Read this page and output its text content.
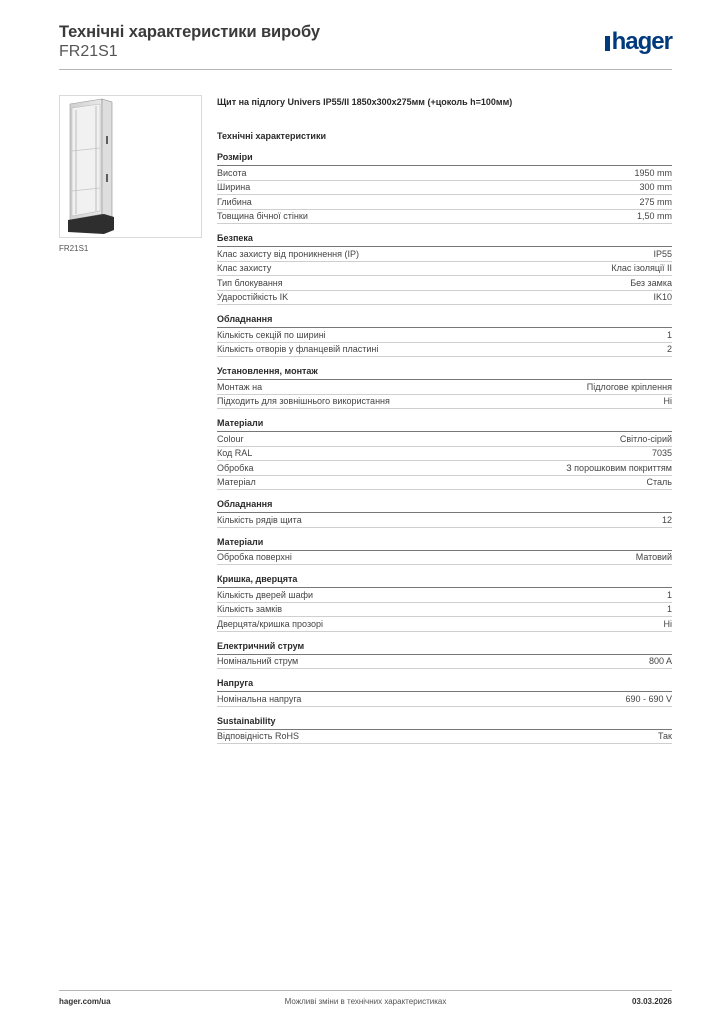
Технічні характеристики виробу
FR21S1	hager
FR21S1
Щит на підлогу Univers IP55/II 1850x300x275мм (+цоколь h=100мм)
Технічні характеристики
Розміри
Висота	1950 mm
Ширина	300 mm
Глибина	275 mm
Товщина бічної стінки	1,50 mm
Безпека
Клас захисту від проникнення (IP)	IP55
Клас захисту	Клас ізоляції II
Тип блокування	Без замка
Ударостійкість IK	IK10
Обладнання
Кількість секцій по ширині	1
Кількість отворів у фланцевій пластині	2
Установлення, монтаж
Монтаж на	Підлогове кріплення
Підходить для зовнішнього використання	Ні
Матеріали
Colour	Світло-сірий
Код RAL	7035
Обробка	З порошковим покриттям
Матеріал	Сталь
Обладнання
Кількість рядів щита	12
Матеріали
Обробка поверхні	Матовий
Кришка, дверцята
Кількість дверей шафи	1
Кількість замків	1
Дверцята/кришка прозорі	Ні
Електричний струм
Номінальний струм	800 A
Напруга
Номінальна напруга	690 - 690 V
Sustainability
Відповідність RoHS	Так
hager.com/ua	Можливі зміни в технічних характеристиках	03.03.2026
